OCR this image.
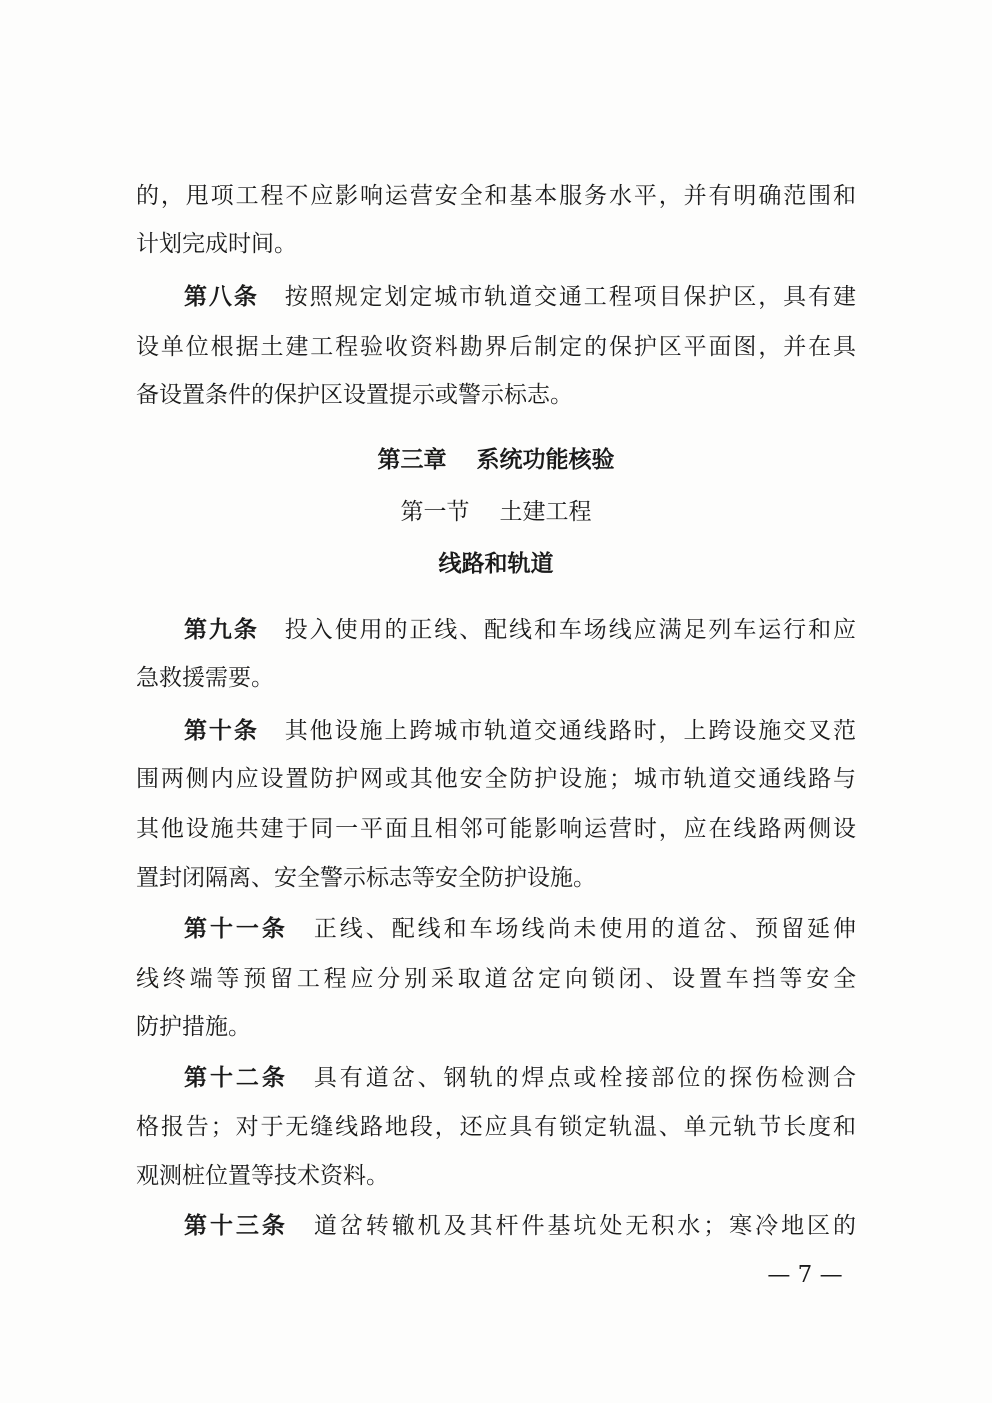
的，甩项工程不应影响运营安全和基本服务水平，并有明确范围和
计划完成时间。
第八条 按照规定划定城市轨道交通工程项目保护区，具有建
设单位根据土建工程验收资料勘界后制定的保护区平面图，并在具
备设置条件的保护区设置提示或警示标志。
第三章 系统功能核验
第一节 土建工程
线路和轨道
第九条 投入使用的正线、配线和车场线应满足列车运行和应
急救援需要。
第十条 其他设施上跨城市轨道交通线路时，上跨设施交叉范
围两侧内应设置防护网或其他安全防护设施；城市轨道交通线路与
其他设施共建于同一平面且相邻可能影响运营时，应在线路两侧设
置封闭隔离、安全警示标志等安全防护设施。
第十一条 正线、配线和车场线尚未使用的道岔、预留延伸
线终端等预留工程应分别采取道岔定向锁闭、设置车挡等安全
防护措施。
第十二条 具有道岔、钢轨的焊点或栓接部位的探伤检测合
格报告；对于无缝线路地段，还应具有锁定轨温、单元轨节长度和
观测桩位置等技术资料。
第十三条 道岔转辙机及其杆件基坑处无积水；寒冷地区的
— 7 —
